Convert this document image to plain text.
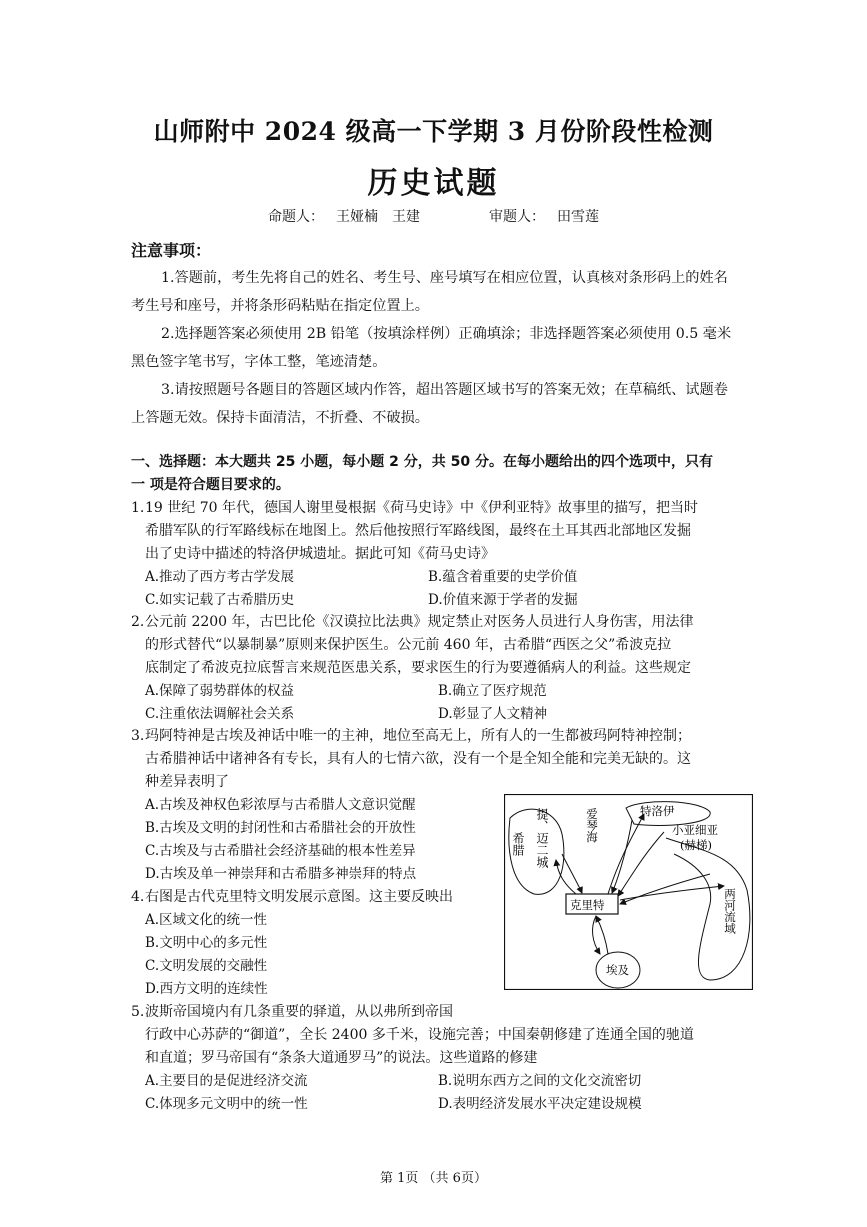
山师附中 2024 级高一下学期 3 月份阶段性检测
历史试题
命题人： 王娅楠　王建	审题人： 田雪莲
注意事项：
1.答题前，考生先将自己的姓名、考生号、座号填写在相应位置，认真核对条形码上的姓名考生号和座号，并将条形码粘贴在指定位置上。
2.选择题答案必须使用 2B 铅笔（按填涂样例）正确填涂；非选择题答案必须使用 0.5 毫米黑色签字笔书写，字体工整，笔迹清楚。
3.请按照题号各题目的答题区域内作答，超出答题区域书写的答案无效；在草稿纸、试题卷上答题无效。保持卡面清洁，不折叠、不破损。
一、选择题：本大题共 25 小题，每小题 2 分，共 50 分。在每小题给出的四个选项中，只有
一 项是符合题目要求的。
1. 19 世纪 70 年代，德国人谢里曼根据《荷马史诗》中《伊利亚特》故事里的描写，把当时
希腊军队的行军路线标在地图上。然后他按照行军路线图，最终在土耳其西北部地区发掘
出了史诗中描述的特洛伊城遗址。据此可知《荷马史诗》
A.推动了西方考古学发展	B.蕴含着重要的史学价值
C.如实记载了古希腊历史	D.价值来源于学者的发掘
2. 公元前 2200 年，古巴比伦《汉谟拉比法典》规定禁止对医务人员进行人身伤害，用法律
的形式替代“以暴制暴”原则来保护医生。公元前 460 年，古希腊“西医之父”希波克拉
底制定了希波克拉底誓言来规范医患关系，要求医生的行为要遵循病人的利益。这些规定
A.保障了弱势群体的权益	B.确立了医疗规范
C.注重依法调解社会关系	D.彰显了人文精神
3. 玛阿特神是古埃及神话中唯一的主神，地位至高无上，所有人的一生都被玛阿特神控制；
古希腊神话中诸神各有专长，具有人的七情六欲，没有一个是全知全能和完美无缺的。这
种差异表明了
A.古埃及神权色彩浓厚与古希腊人文意识觉醒
B.古埃及文明的封闭性和古希腊社会的开放性
C.古埃及与古希腊社会经济基础的根本性差异
D.古埃及单一神崇拜和古希腊多神崇拜的特点
4. 右图是古代克里特文明发展示意图。这主要反映出
A.区域文化的统一性
B.文明中心的多元性
C.文明发展的交融性
D.西方文明的连续性
5. 波斯帝国境内有几条重要的驿道，从以弗所到帝国
行政中心苏萨的“御道”，全长 2400 多千米，设施完善；中国秦朝修建了连通全国的驰道
和直道；罗马帝国有“条条大道通罗马”的说法。这些道路的修建
A.主要目的是促进经济交流	B.说明东西方之间的文化交流密切
C.体现多元文明中的统一性	D.表明经济发展水平决定建设规模
希腊 提、迈二城	爱琴海	特洛伊
小亚细亚
(赫梯)
克里特	两河流域
埃及
第 1页 （共 6页）
